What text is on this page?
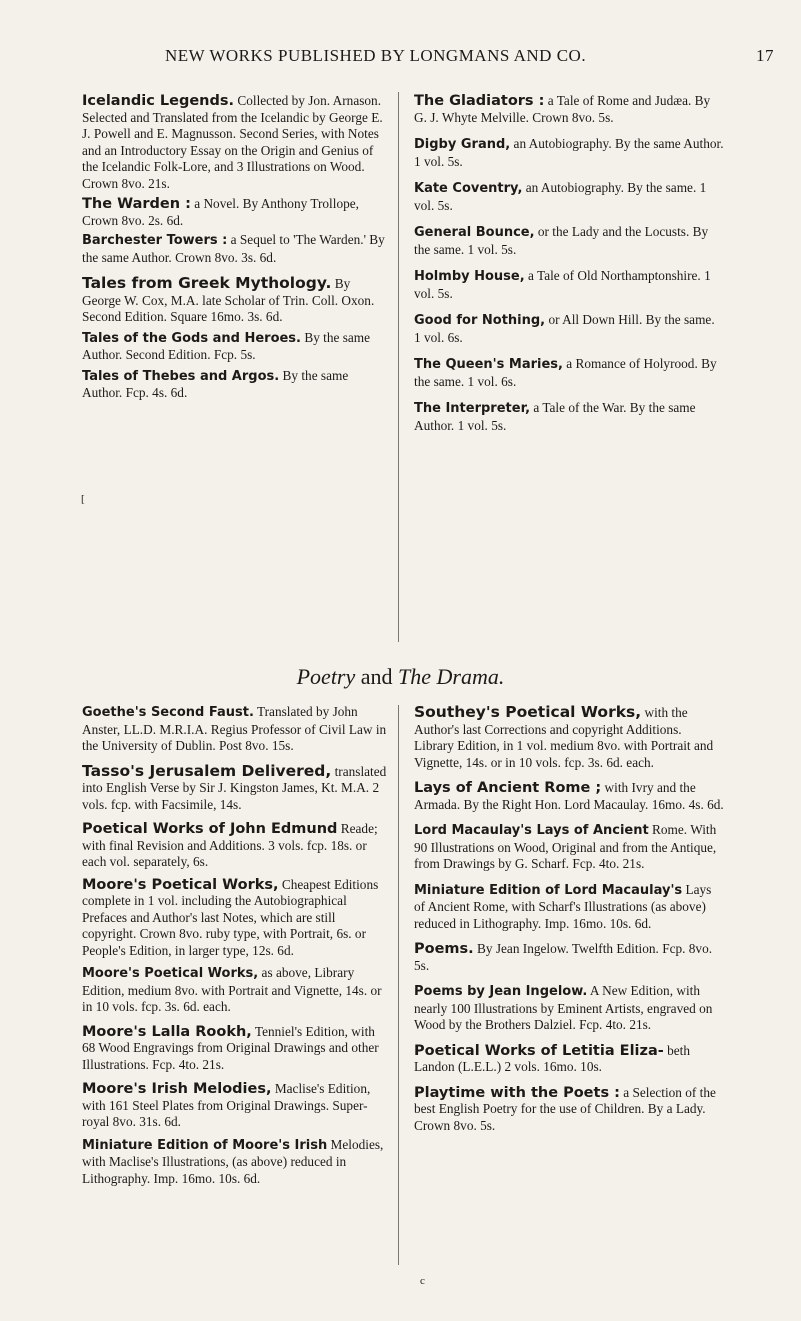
NEW WORKS PUBLISHED BY LONGMANS AND CO.	17

Icelandic Legends. Collected by Jon. Arnason. Selected and Translated from the Icelandic by George E. J. Powell and E. Magnusson. Second Series, with Notes and an Introductory Essay on the Origin and Genius of the Icelandic Folk-Lore, and 3 Illustrations on Wood. Crown 8vo. 21s.

The Warden : a Novel. By Anthony Trollope, Crown 8vo. 2s. 6d.

Barchester Towers : a Sequel to 'The Warden.' By the same Author. Crown 8vo. 3s. 6d.

Tales from Greek Mythology. By George W. Cox, M.A. late Scholar of Trin. Coll. Oxon. Second Edition. Square 16mo. 3s. 6d.

Tales of the Gods and Heroes. By the same Author. Second Edition. Fcp. 5s.

Tales of Thebes and Argos. By the same Author. Fcp. 4s. 6d.

The Gladiators : a Tale of Rome and Judæa. By G. J. Whyte Melville. Crown 8vo. 5s.

Digby Grand, an Autobiography. By the same Author. 1 vol. 5s.

Kate Coventry, an Autobiography. By the same. 1 vol. 5s.

General Bounce, or the Lady and the Locusts. By the same. 1 vol. 5s.

Holmby House, a Tale of Old Northamptonshire. 1 vol. 5s.

Good for Nothing, or All Down Hill. By the same. 1 vol. 6s.

The Queen's Maries, a Romance of Holyrood. By the same. 1 vol. 6s.

The Interpreter, a Tale of the War. By the same Author. 1 vol. 5s.

Poetry and The Drama.

Goethe's Second Faust. Translated by John Anster, LL.D. M.R.I.A. Regius Professor of Civil Law in the University of Dublin. Post 8vo. 15s.

Tasso's Jerusalem Delivered, translated into English Verse by Sir J. Kingston James, Kt. M.A. 2 vols. fcp. with Facsimile, 14s.

Poetical Works of John Edmund Reade; with final Revision and Additions. 3 vols. fcp. 18s. or each vol. separately, 6s.

Moore's Poetical Works, Cheapest Editions complete in 1 vol. including the Autobiographical Prefaces and Author's last Notes, which are still copyright. Crown 8vo. ruby type, with Portrait, 6s. or People's Edition, in larger type, 12s. 6d.

Moore's Poetical Works, as above, Library Edition, medium 8vo. with Portrait and Vignette, 14s. or in 10 vols. fcp. 3s. 6d. each.

Moore's Lalla Rookh, Tenniel's Edition, with 68 Wood Engravings from Original Drawings and other Illustrations. Fcp. 4to. 21s.

Moore's Irish Melodies, Maclise's Edition, with 161 Steel Plates from Original Drawings. Super-royal 8vo. 31s. 6d.

Miniature Edition of Moore's Irish Melodies, with Maclise's Illustrations, (as above) reduced in Lithography. Imp. 16mo. 10s. 6d.

Southey's Poetical Works, with the Author's last Corrections and copyright Additions. Library Edition, in 1 vol. medium 8vo. with Portrait and Vignette, 14s. or in 10 vols. fcp. 3s. 6d. each.

Lays of Ancient Rome ; with Ivry and the Armada. By the Right Hon. Lord Macaulay. 16mo. 4s. 6d.

Lord Macaulay's Lays of Ancient Rome. With 90 Illustrations on Wood, Original and from the Antique, from Drawings by G. Scharf. Fcp. 4to. 21s.

Miniature Edition of Lord Macaulay's Lays of Ancient Rome, with Scharf's Illustrations (as above) reduced in Lithography. Imp. 16mo. 10s. 6d.

Poems. By Jean Ingelow. Twelfth Edition. Fcp. 8vo. 5s.

Poems by Jean Ingelow. A New Edition, with nearly 100 Illustrations by Eminent Artists, engraved on Wood by the Brothers Dalziel. Fcp. 4to. 21s.

Poetical Works of Letitia Eliza- beth Landon (L.E.L.) 2 vols. 16mo. 10s.

Playtime with the Poets : a Selection of the best English Poetry for the use of Children. By a Lady. Crown 8vo. 5s.

[
c
